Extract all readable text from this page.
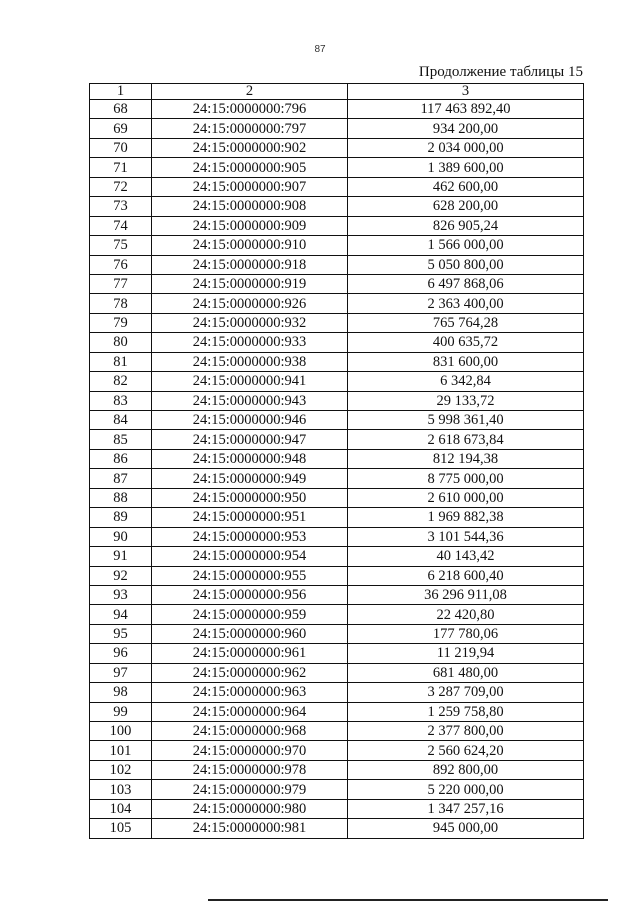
87
Продолжение таблицы 15
1	2	3
68	24:15:0000000:796	117 463 892,40
69	24:15:0000000:797	934 200,00
70	24:15:0000000:902	2 034 000,00
71	24:15:0000000:905	1 389 600,00
72	24:15:0000000:907	462 600,00
73	24:15:0000000:908	628 200,00
74	24:15:0000000:909	826 905,24
75	24:15:0000000:910	1 566 000,00
76	24:15:0000000:918	5 050 800,00
77	24:15:0000000:919	6 497 868,06
78	24:15:0000000:926	2 363 400,00
79	24:15:0000000:932	765 764,28
80	24:15:0000000:933	400 635,72
81	24:15:0000000:938	831 600,00
82	24:15:0000000:941	6 342,84
83	24:15:0000000:943	29 133,72
84	24:15:0000000:946	5 998 361,40
85	24:15:0000000:947	2 618 673,84
86	24:15:0000000:948	812 194,38
87	24:15:0000000:949	8 775 000,00
88	24:15:0000000:950	2 610 000,00
89	24:15:0000000:951	1 969 882,38
90	24:15:0000000:953	3 101 544,36
91	24:15:0000000:954	40 143,42
92	24:15:0000000:955	6 218 600,40
93	24:15:0000000:956	36 296 911,08
94	24:15:0000000:959	22 420,80
95	24:15:0000000:960	177 780,06
96	24:15:0000000:961	11 219,94
97	24:15:0000000:962	681 480,00
98	24:15:0000000:963	3 287 709,00
99	24:15:0000000:964	1 259 758,80
100	24:15:0000000:968	2 377 800,00
101	24:15:0000000:970	2 560 624,20
102	24:15:0000000:978	892 800,00
103	24:15:0000000:979	5 220 000,00
104	24:15:0000000:980	1 347 257,16
105	24:15:0000000:981	945 000,00
